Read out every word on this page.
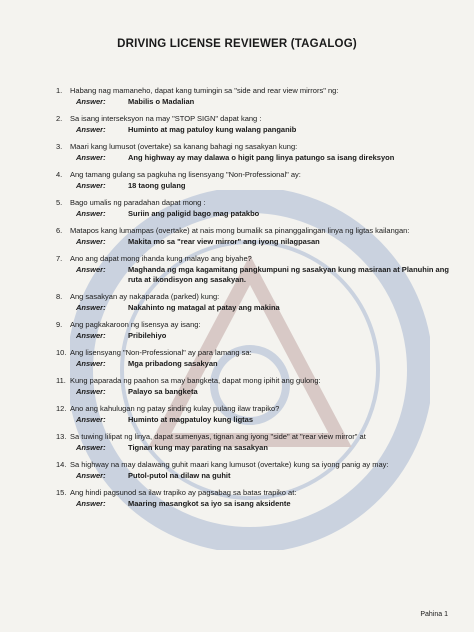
DRIVING LICENSE REVIEWER (TAGALOG)
1. Habang nag mamaneho, dapat kang tumingin sa "side and rear view mirrors" ng:
Answer:	Mabilis o Madalian
2. Sa isang interseksyon na may "STOP SIGN" dapat kang :
Answer:	Huminto at mag patuloy kung walang panganib
3. Maari kang lumusot (overtake) sa kanang bahagi ng sasakyan kung:
Answer:	Ang highway ay may dalawa o higit pang linya patungo sa isang direksyon
4. Ang tamang gulang sa pagkuha ng lisensyang "Non-Professional" ay:
Answer:	18 taong gulang
5. Bago umalis ng paradahan dapat mong :
Answer:	Suriin ang paligid bago mag patakbo
6. Matapos kang lumampas (overtake) at nais mong bumalik sa pinanggalingan linya ng ligtas kailangan:
Answer:	Makita mo sa "rear view mirror" ang iyong nilagpasan
7. Ano ang dapat mong ihanda kung malayo ang biyahe?
Answer:	Maghanda ng mga kagamitang pangkumpuni ng sasakyan kung masiraan at Planuhin ang ruta at ikondisyon ang sasakyan.
8. Ang sasakyan ay nakaparada (parked) kung:
Answer:	Nakahinto ng matagal at patay ang makina
9. Ang pagkakaroon ng lisensya ay isang:
Answer:	Pribilehiyo
10. Ang lisensyang "Non-Professional" ay para lamang sa:
Answer:	Mga pribadong sasakyan
11. Kung paparada ng paahon sa may bangketa, dapat mong ipihit ang gulong:
Answer:	Palayo sa bangketa
12. Ano ang kahulugan ng patay sinding kulay pulang ilaw trapiko?
Answer:	Huminto at magpatuloy kung ligtas
13. Sa tuwing lilipat ng linya, dapat sumenyas, tignan ang iyong "side" at "rear view mirror" at
Answer:	Tignan kung may parating na sasakyan
14. Sa highway na may dalawang guhit maari kang lumusot (overtake) kung sa iyong panig ay may:
Answer:	Putol-putol na dilaw na guhit
15. Ang hindi pagsunod sa ilaw trapiko ay pagsabag sa batas trapiko at:
Answer:	Maaring masangkot sa iyo sa isang aksidente
Pahina 1
